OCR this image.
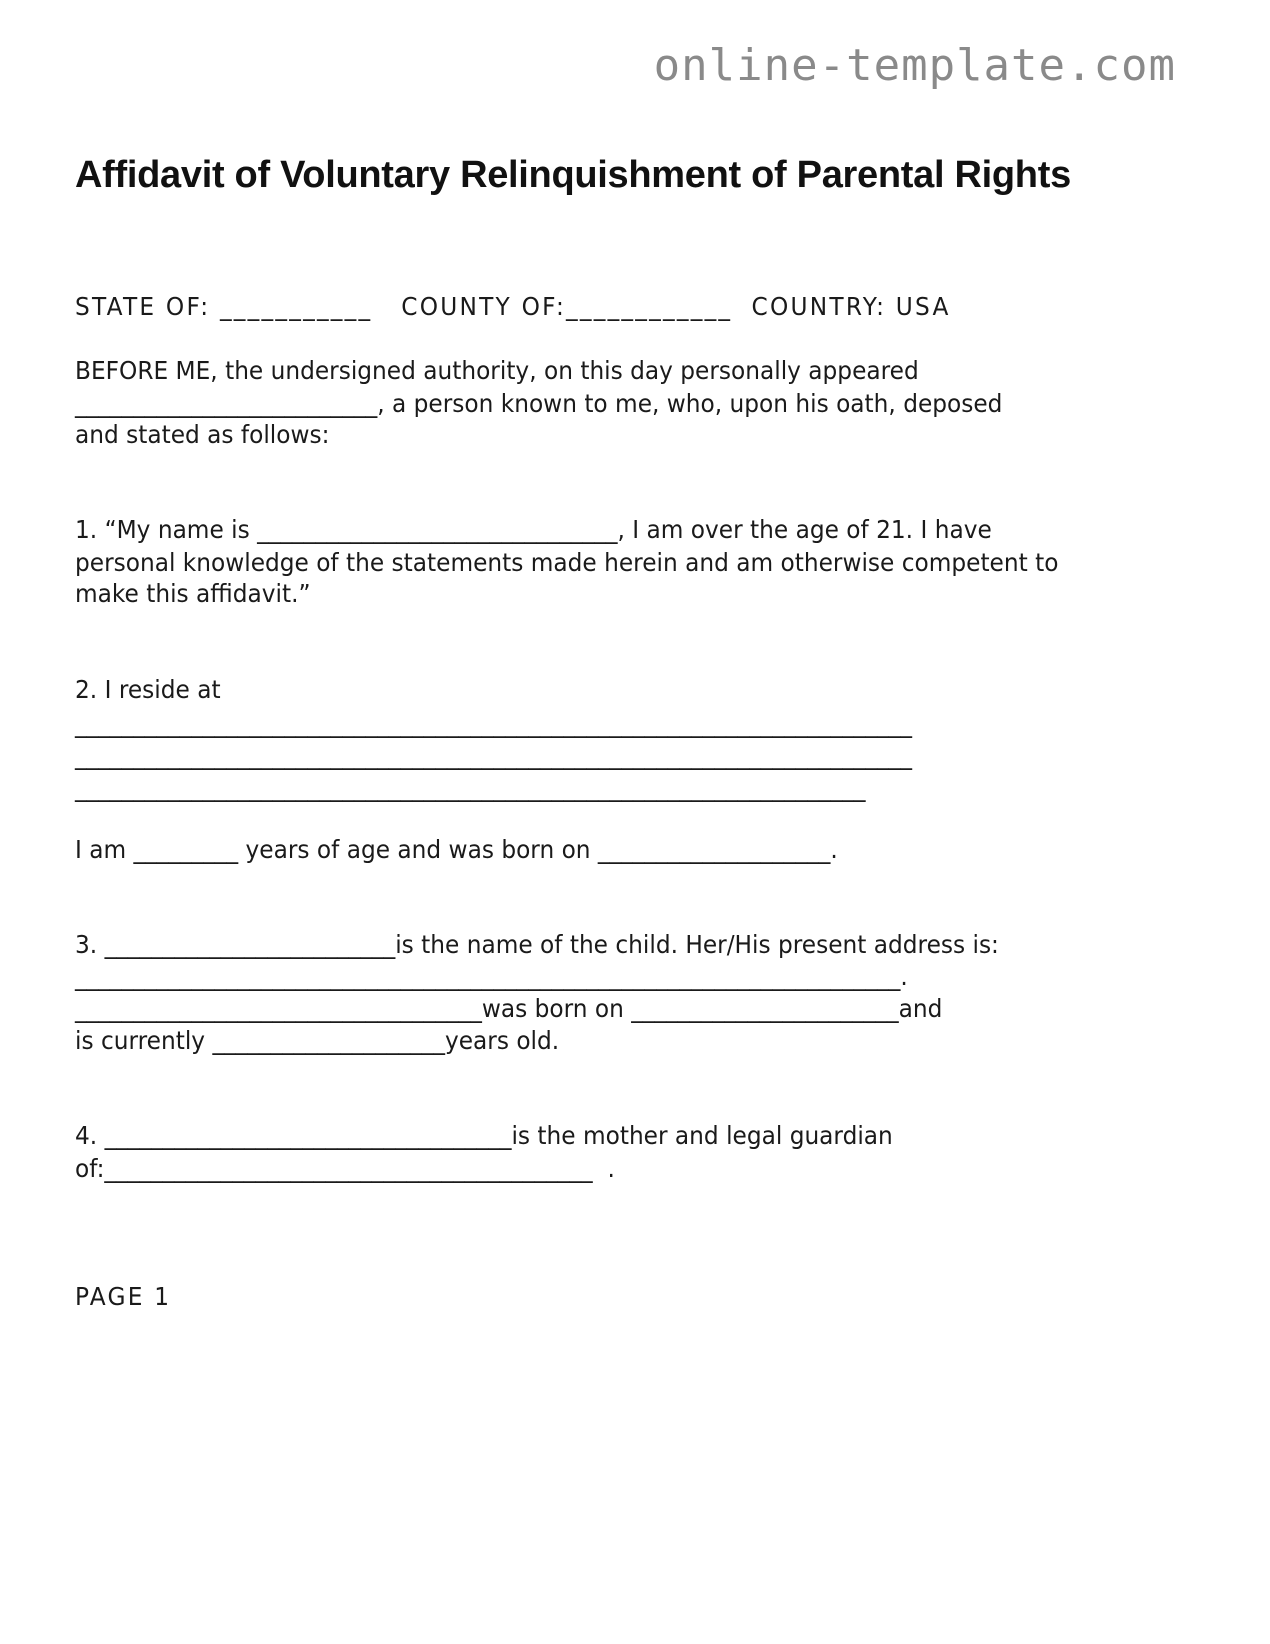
online-template.com
Affidavit of Voluntary Relinquishment of Parental Rights
STATE OF: ___________   COUNTY OF:____________  COUNTRY: USA
BEFORE ME, the undersigned authority, on this day personally appeared
__________________________, a person known to me, who, upon his oath, deposed
and stated as follows:
1. “My name is _______________________________, I am over the age of 21. I have
personal knowledge of the statements made herein and am otherwise competent to
make this affidavit.”
2. I reside at
________________________________________________________________________
________________________________________________________________________
____________________________________________________________________
I am _________ years of age and was born on ____________________.
3. _________________________is the name of the child. Her/His present address is:
_______________________________________________________________________.
___________________________________was born on _______________________and
is currently ____________________years old.
4. ___________________________________is the mother and legal guardian
of:__________________________________________  .
PAGE 1
